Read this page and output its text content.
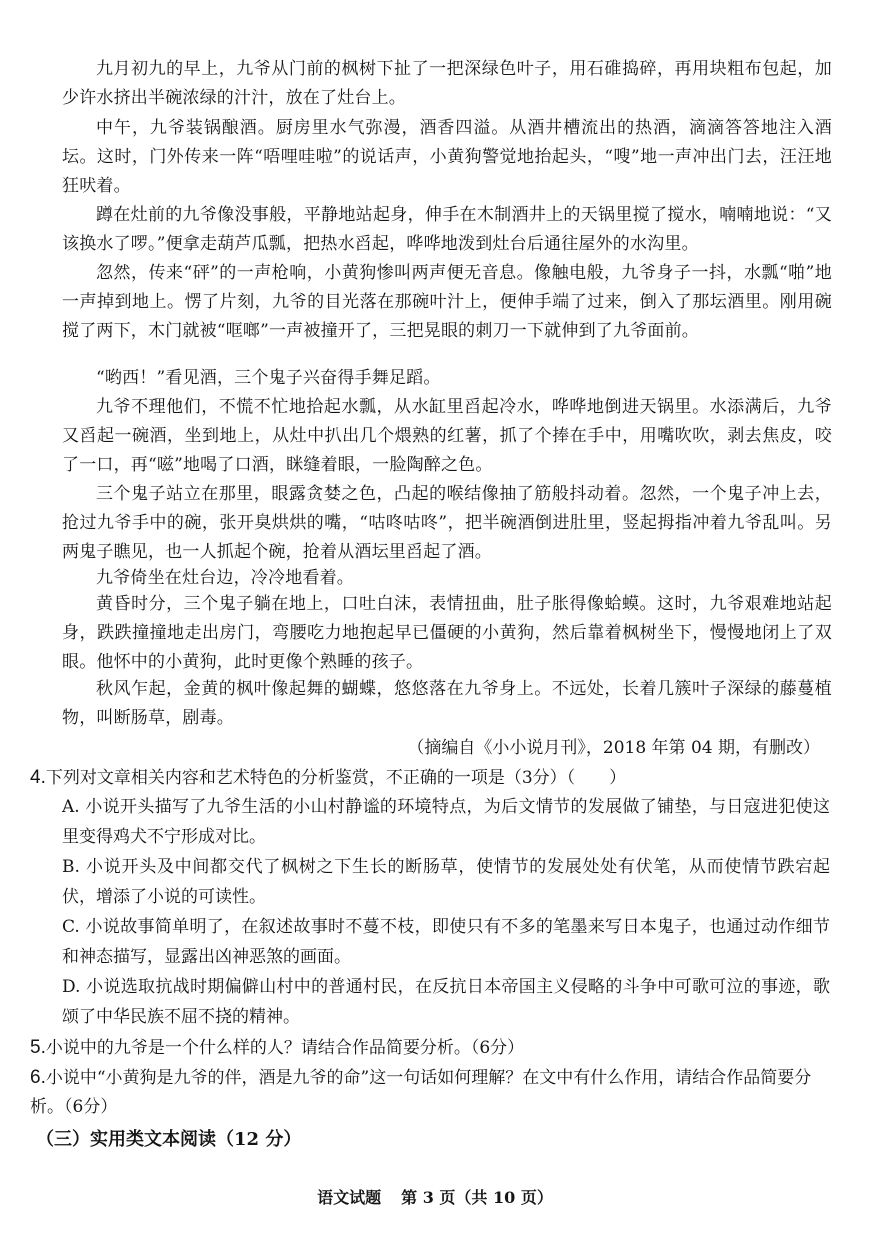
九月初九的早上，九爷从门前的枫树下扯了一把深绿色叶子，用石碓捣碎，再用块粗布包起，加少许水挤出半碗浓绿的汁汁，放在了灶台上。

中午，九爷装锅酿酒。厨房里水气弥漫，酒香四溢。从酒井槽流出的热酒，滴滴答答地注入酒坛。这时，门外传来一阵“唔哩哇啦”的说话声，小黄狗警觉地抬起头，“嗖”地一声冲出门去，汪汪地狂吠着。

蹲在灶前的九爷像没事般，平静地站起身，伸手在木制酒井上的天锅里搅了搅水，喃喃地说：“又该换水了啰。”便拿走葫芦瓜瓢，把热水舀起，哗哗地泼到灶台后通往屋外的水沟里。

忽然，传来“砰”的一声枪响，小黄狗惨叫两声便无音息。像触电般，九爷身子一抖，水瓢“啪”地一声掉到地上。愣了片刻，九爷的目光落在那碗叶汁上，便伸手端了过来，倒入了那坛酒里。刚用碗搅了两下，木门就被“哐啷”一声被撞开了，三把晃眼的刺刀一下就伸到了九爷面前。

“哟西！”看见酒，三个鬼子兴奋得手舞足蹈。

九爷不理他们，不慌不忙地拾起水瓢，从水缸里舀起冷水，哗哗地倒进天锅里。水添满后，九爷又舀起一碗酒，坐到地上，从灶中扒出几个煨熟的红薯，抓了个捧在手中，用嘴吹吹，剥去焦皮，咬了一口，再“嗞”地喝了口酒，眯缝着眼，一脸陶醉之色。

三个鬼子站立在那里，眼露贪婪之色，凸起的喉结像抽了筋般抖动着。忽然，一个鬼子冲上去，抢过九爷手中的碗，张开臭烘烘的嘴，“咕咚咕咚”，把半碗酒倒进肚里，竖起拇指冲着九爷乱叫。另两鬼子瞧见，也一人抓起个碗，抢着从酒坛里舀起了酒。

九爷倚坐在灶台边，冷冷地看着。

黄昏时分，三个鬼子躺在地上，口吐白沫，表情扭曲，肚子胀得像蛤蟆。这时，九爷艰难地站起身，跌跌撞撞地走出房门，弯腰吃力地抱起早已僵硬的小黄狗，然后靠着枫树坐下，慢慢地闭上了双眼。他怀中的小黄狗，此时更像个熟睡的孩子。

秋风乍起，金黄的枫叶像起舞的蝴蝶，悠悠落在九爷身上。不远处，长着几簇叶子深绿的藤蔓植物，叫断肠草，剧毒。

（摘编自《小小说月刊》，2018 年第 04 期，有删改）

4.下列对文章相关内容和艺术特色的分析鉴赏，不正确的一项是（3分）（　　）

A. 小说开头描写了九爷生活的小山村静谧的环境特点，为后文情节的发展做了铺垫，与日寇进犯使这里变得鸡犬不宁形成对比。

B. 小说开头及中间都交代了枫树之下生长的断肠草，使情节的发展处处有伏笔，从而使情节跌宕起伏，增添了小说的可读性。

C. 小说故事简单明了，在叙述故事时不蔓不枝，即使只有不多的笔墨来写日本鬼子，也通过动作细节和神态描写，显露出凶神恶煞的画面。

D. 小说选取抗战时期偏僻山村中的普通村民，在反抗日本帝国主义侵略的斗争中可歌可泣的事迹，歌颂了中华民族不屈不挠的精神。

5.小说中的九爷是一个什么样的人？请结合作品简要分析。（6分）
6.小说中“小黄狗是九爷的伴，酒是九爷的命”这一句话如何理解？在文中有什么作用，请结合作品简要分析。（6分）

（三）实用类文本阅读（12 分）

语文试题 第 3 页（共 10 页）
